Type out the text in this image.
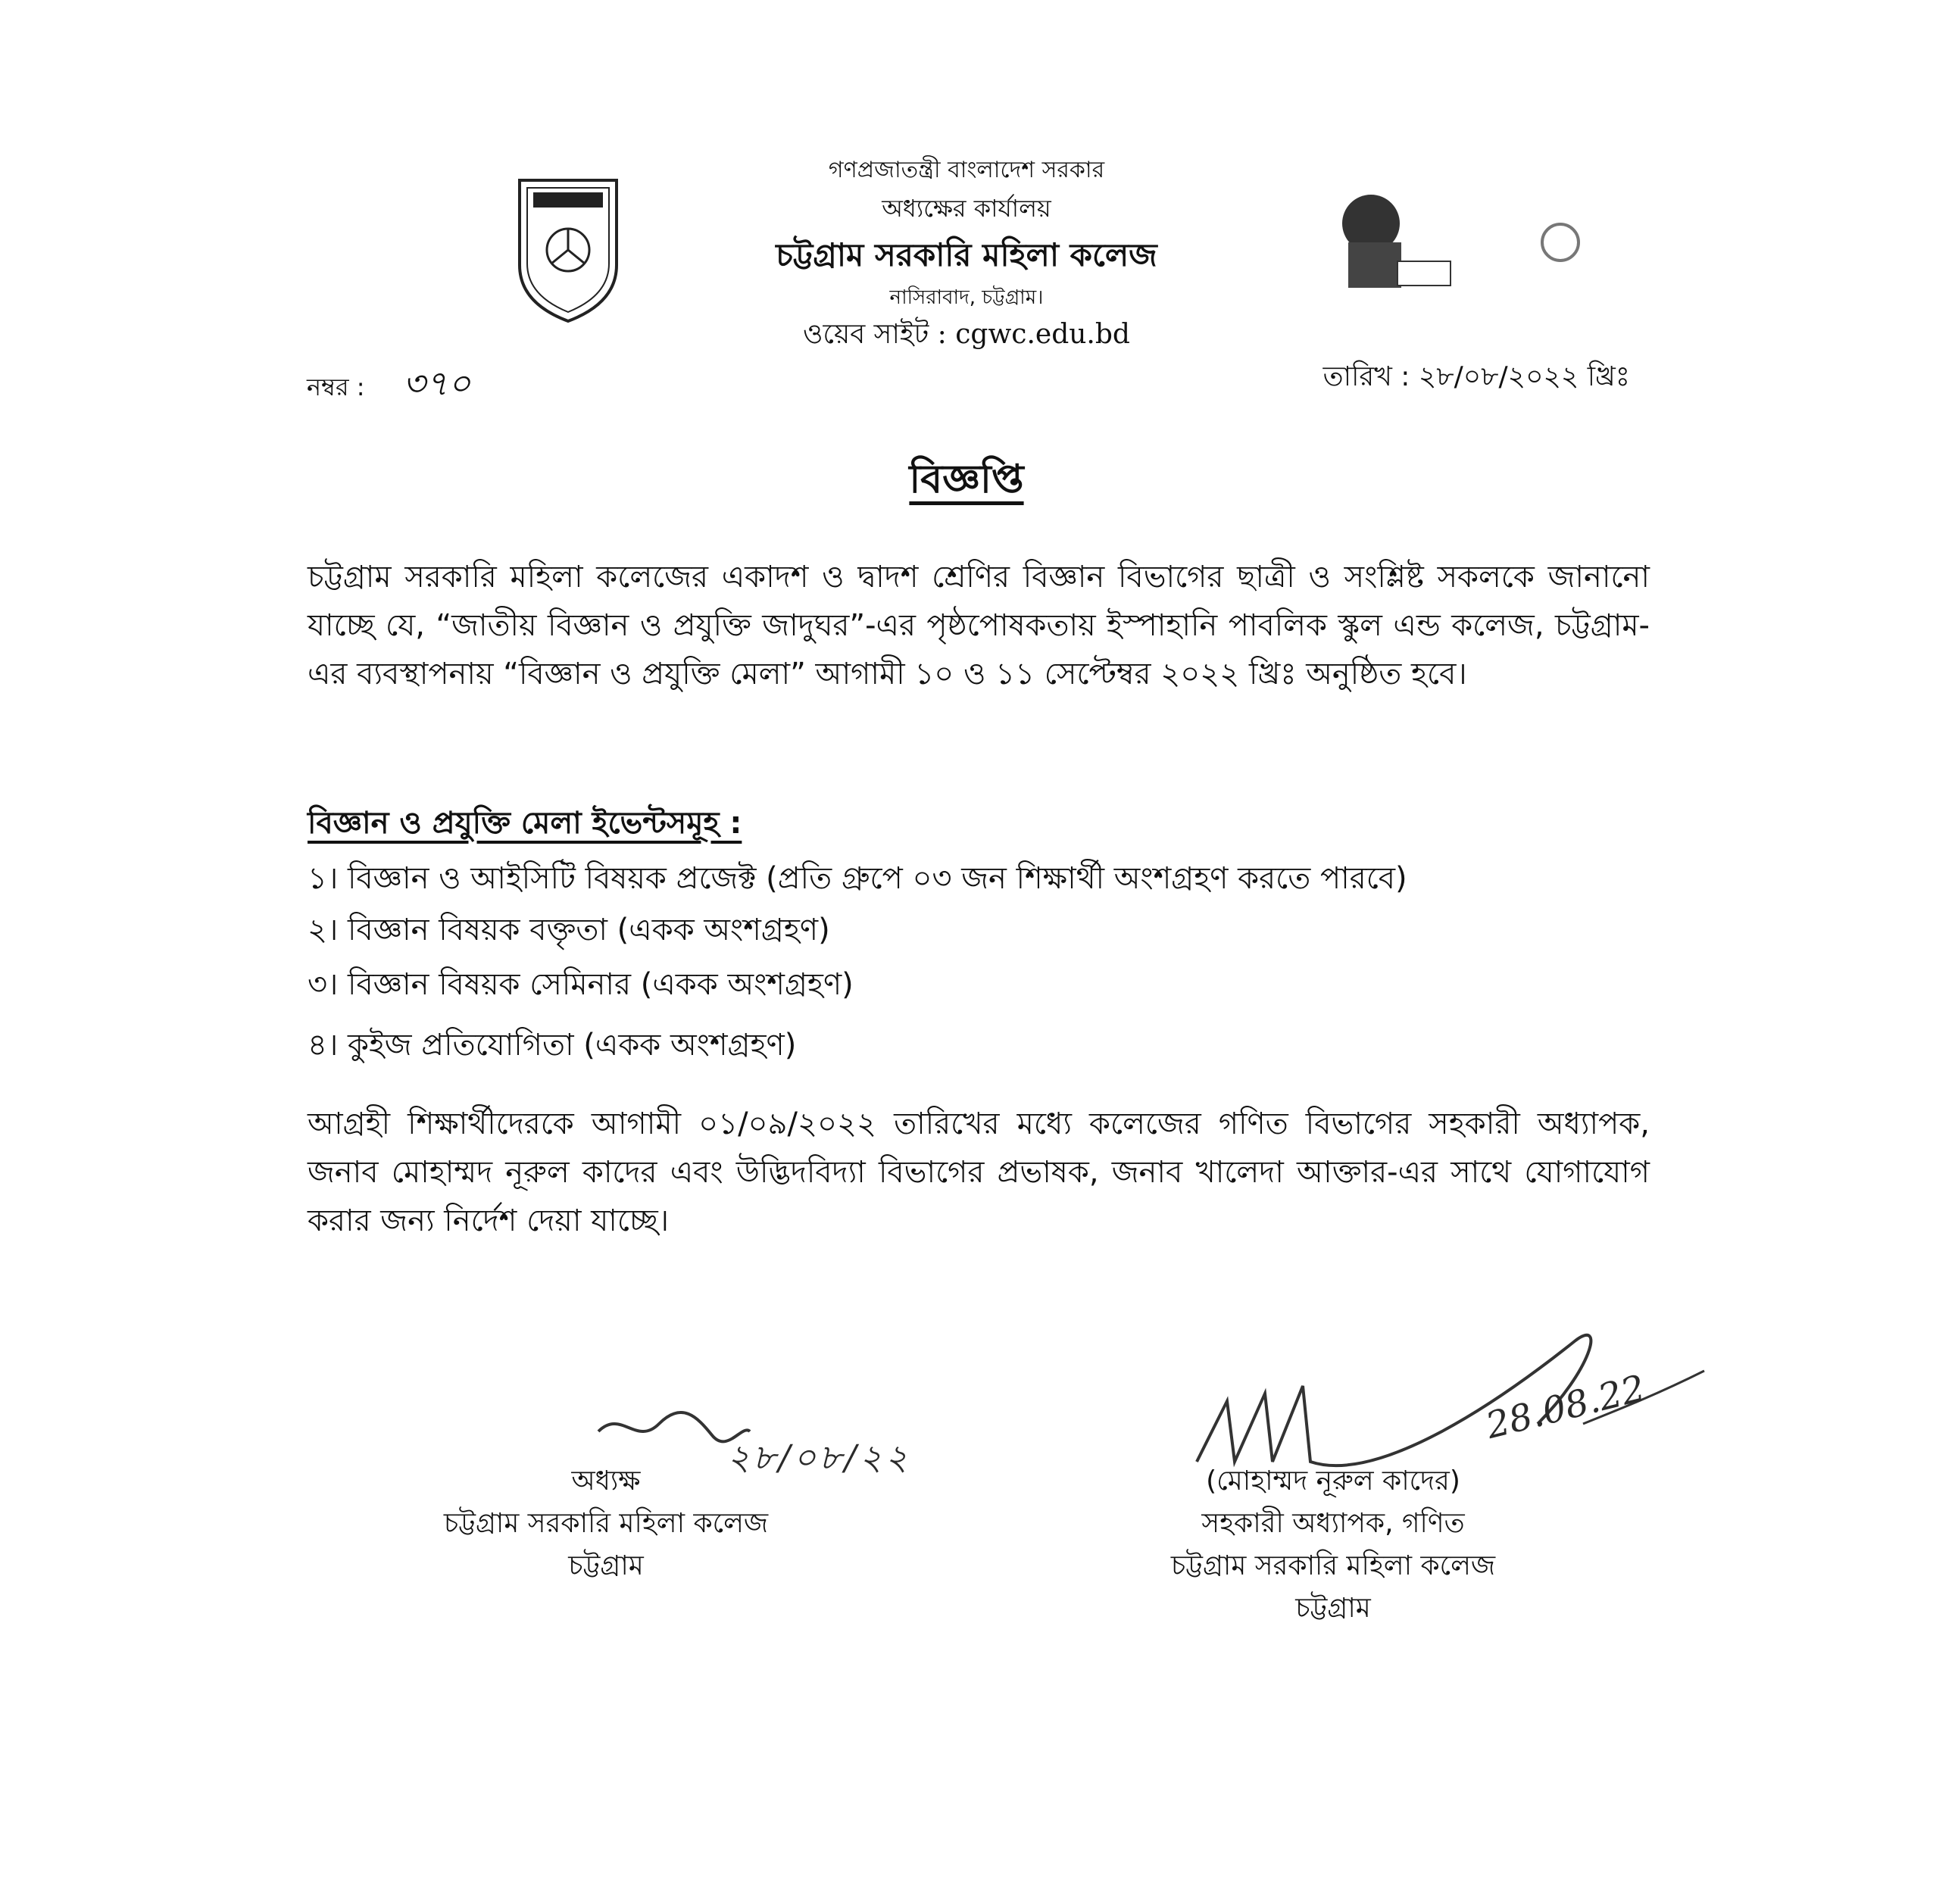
গণপ্রজাতন্ত্রী বাংলাদেশ সরকার
অধ্যক্ষের কার্যালয়
চট্টগ্রাম সরকারি মহিলা কলেজ
নাসিরাবাদ, চট্টগ্রাম।
ওয়েব সাইট : cgwc.edu.bd
নম্বর : ৩৭০	তারিখ : ২৮/০৮/২০২২ খ্রিঃ
বিজ্ঞপ্তি

চট্টগ্রাম সরকারি মহিলা কলেজের একাদশ ও দ্বাদশ শ্রেণির বিজ্ঞান বিভাগের ছাত্রী ও সংশ্লিষ্ট সকলকে জানানো যাচ্ছে যে, “জাতীয় বিজ্ঞান ও প্রযুক্তি জাদুঘর”-এর পৃষ্ঠপোষকতায় ইস্পাহানি পাবলিক স্কুল এন্ড কলেজ, চট্টগ্রাম-এর ব্যবস্থাপনায় “বিজ্ঞান ও প্রযুক্তি মেলা” আগামী ১০ ও ১১ সেপ্টেম্বর ২০২২ খ্রিঃ অনুষ্ঠিত হবে।

বিজ্ঞান ও প্রযুক্তি মেলা ইভেন্টসমূহ :
১। বিজ্ঞান ও আইসিটি বিষয়ক প্রজেক্ট (প্রতি গ্রুপে ০৩ জন শিক্ষার্থী অংশগ্রহণ করতে পারবে)
২। বিজ্ঞান বিষয়ক বক্তৃতা (একক অংশগ্রহণ)
৩। বিজ্ঞান বিষয়ক সেমিনার (একক অংশগ্রহণ)
৪। কুইজ প্রতিযোগিতা (একক অংশগ্রহণ)

আগ্রহী শিক্ষার্থীদেরকে আগামী ০১/০৯/২০২২ তারিখের মধ্যে কলেজের গণিত বিভাগের সহকারী অধ্যাপক, জনাব মোহাম্মদ নূরুল কাদের এবং উদ্ভিদবিদ্যা বিভাগের প্রভাষক, জনাব খালেদা আক্তার-এর সাথে যোগাযোগ করার জন্য নির্দেশ দেয়া যাচ্ছে।

২৮/০৮/২২
অধ্যক্ষ
চট্টগ্রাম সরকারি মহিলা কলেজ
চট্টগ্রাম
28.08.22
(মোহাম্মদ নূরুল কাদের)
সহকারী অধ্যাপক, গণিত
চট্টগ্রাম সরকারি মহিলা কলেজ
চট্টগ্রাম
